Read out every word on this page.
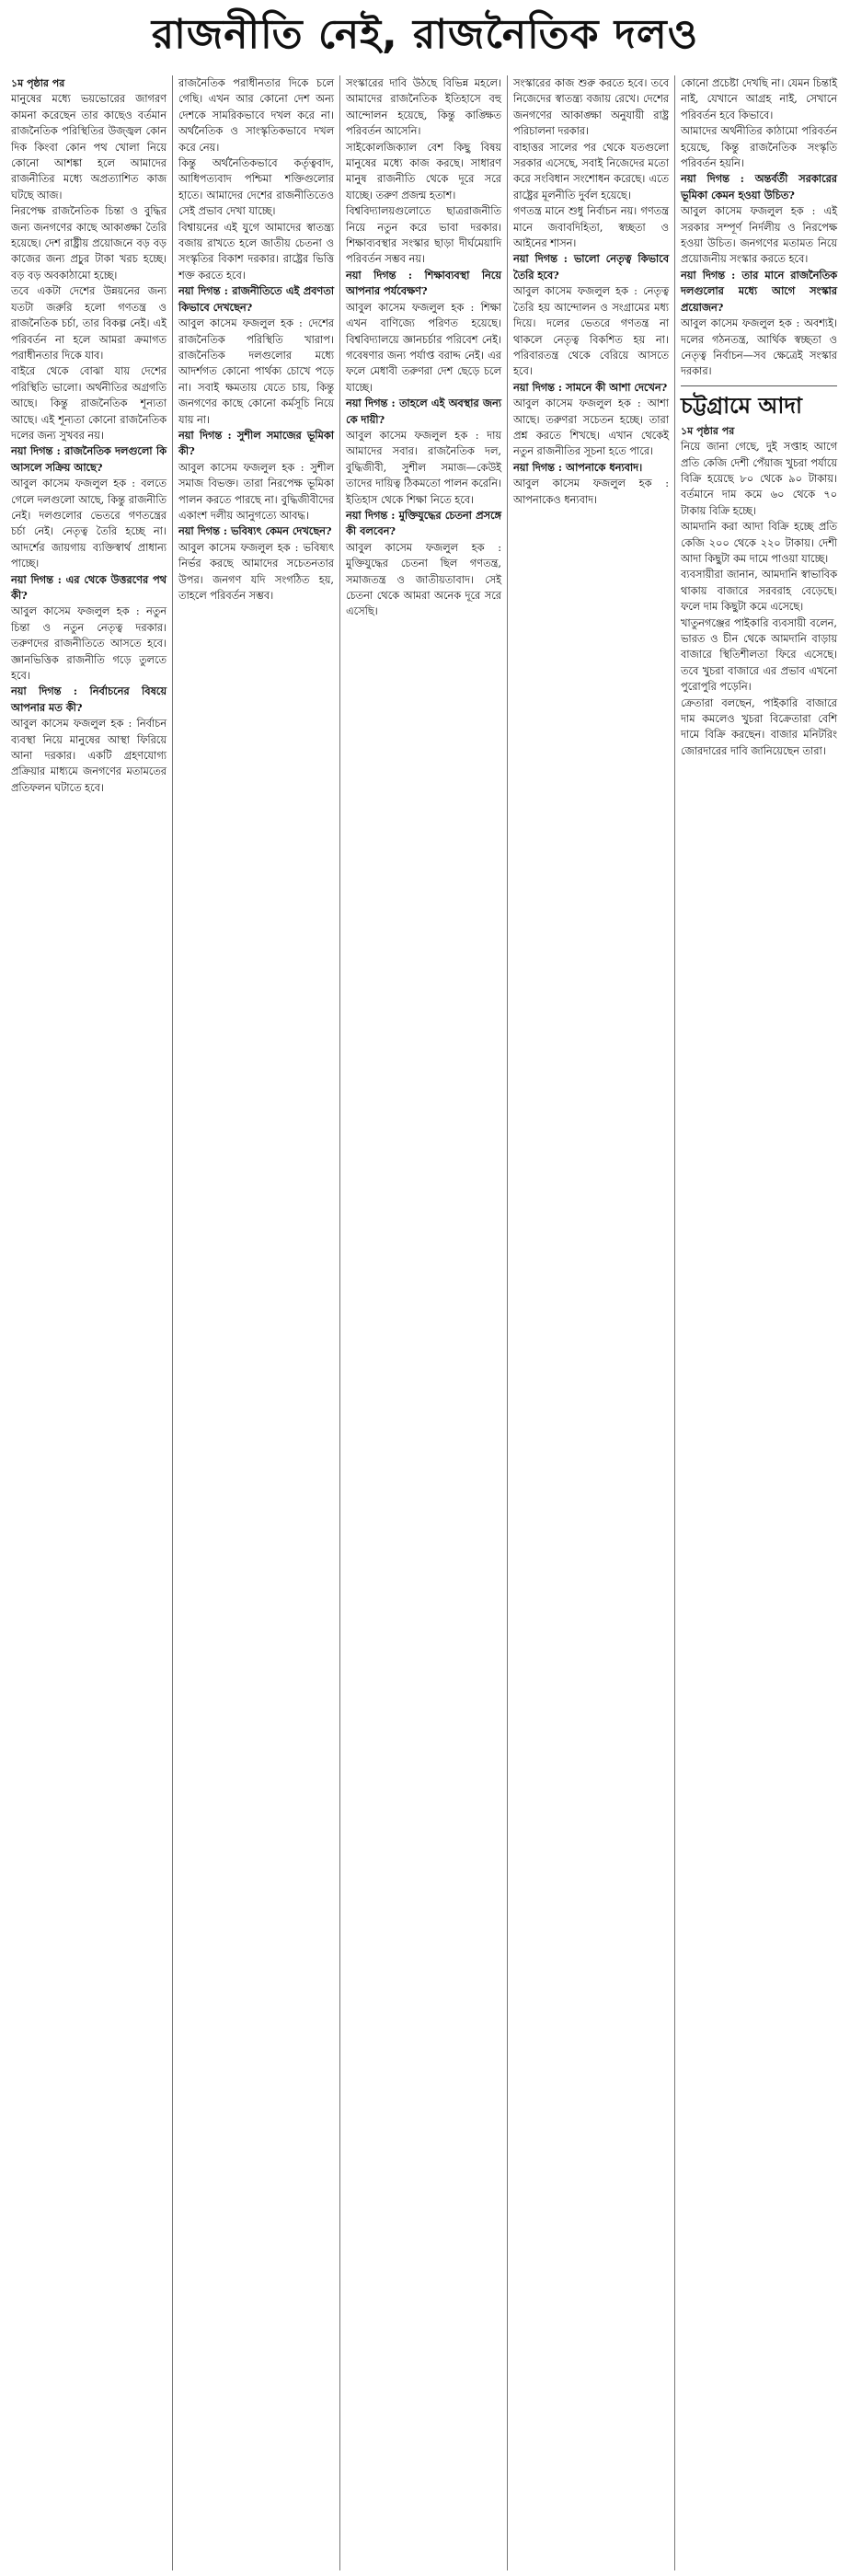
রাজনীতি নেই, রাজনৈতিক দলও

১ম পৃষ্ঠার পর

মানুষের মধ্যে ভয়ভোরের জাগরণ কামনা করেছেন তার কাছেও বর্তমান রাজনৈতিক পরিস্থিতির উজ্জ্বল কোন দিক কিংবা কোন পথ খোলা নিয়ে কোনো আশঙ্কা হলে আমাদের রাজনীতির মধ্যে অপ্রত্যাশিত কাজ ঘটছে আজ।

নিরপেক্ষ রাজনৈতিক চিন্তা ও বুদ্ধির জন্য জনগণের কাছে আকাঙ্ক্ষা তৈরি হয়েছে। দেশ রাষ্ট্রীয় প্রয়োজনে বড় বড় কাজের জন্য প্রচুর টাকা খরচ হচ্ছে। বড় বড় অবকাঠামো হচ্ছে।

তবে একটা দেশের উন্নয়নের জন্য যতটা জরুরি হলো গণতন্ত্র ও রাজনৈতিক চর্চা, তার বিকল্প নেই। এই পরিবর্তন না হলে আমরা ক্রমাগত পরাধীনতার দিকে যাব।

বাইরে থেকে বোঝা যায় দেশের পরিস্থিতি ভালো। অর্থনীতির অগ্রগতি আছে। কিন্তু রাজনৈতিক শূন্যতা আছে। এই শূন্যতা কোনো রাজনৈতিক দলের জন্য সুখবর নয়।

নয়া দিগন্ত : রাজনৈতিক দলগুলো কি আসলে সক্রিয় আছে?

আবুল কাসেম ফজলুল হক : বলতে গেলে দলগুলো আছে, কিন্তু রাজনীতি নেই। দলগুলোর ভেতরে গণতন্ত্রের চর্চা নেই। নেতৃত্ব তৈরি হচ্ছে না। আদর্শের জায়গায় ব্যক্তিস্বার্থ প্রাধান্য পাচ্ছে।

নয়া দিগন্ত : এর থেকে উত্তরণের পথ কী?

আবুল কাসেম ফজলুল হক : নতুন চিন্তা ও নতুন নেতৃত্ব দরকার। তরুণদের রাজনীতিতে আসতে হবে। জ্ঞানভিত্তিক রাজনীতি গড়ে তুলতে হবে।

নয়া দিগন্ত : নির্বাচনের বিষয়ে আপনার মত কী?

আবুল কাসেম ফজলুল হক : নির্বাচন ব্যবস্থা নিয়ে মানুষের আস্থা ফিরিয়ে আনা দরকার। একটি গ্রহণযোগ্য প্রক্রিয়ার মাধ্যমে জনগণের মতামতের প্রতিফলন ঘটাতে হবে।

রাজনৈতিক পরাধীনতার দিকে চলে গেছি। এখন আর কোনো দেশ অন্য দেশকে সামরিকভাবে দখল করে না। অর্থনৈতিক ও সাংস্কৃতিকভাবে দখল করে নেয়।

কিন্তু অর্থনৈতিকভাবে কর্তৃত্ববাদ, আধিপত্যবাদ পশ্চিমা শক্তিগুলোর হাতে। আমাদের দেশের রাজনীতিতেও সেই প্রভাব দেখা যাচ্ছে।

বিশ্বায়নের এই যুগে আমাদের স্বাতন্ত্র্য বজায় রাখতে হলে জাতীয় চেতনা ও সংস্কৃতির বিকাশ দরকার। রাষ্ট্রের ভিত্তি শক্ত করতে হবে।

নয়া দিগন্ত : রাজনীতিতে এই প্রবণতা কিভাবে দেখছেন?

আবুল কাসেম ফজলুল হক : দেশের রাজনৈতিক পরিস্থিতি খারাপ। রাজনৈতিক দলগুলোর মধ্যে আদর্শগত কোনো পার্থক্য চোখে পড়ে না। সবাই ক্ষমতায় যেতে চায়, কিন্তু জনগণের কাছে কোনো কর্মসূচি নিয়ে যায় না।

নয়া দিগন্ত : সুশীল সমাজের ভূমিকা কী?

আবুল কাসেম ফজলুল হক : সুশীল সমাজ বিভক্ত। তারা নিরপেক্ষ ভূমিকা পালন করতে পারছে না। বুদ্ধিজীবীদের একাংশ দলীয় আনুগত্যে আবদ্ধ।

নয়া দিগন্ত : ভবিষ্যৎ কেমন দেখছেন?

আবুল কাসেম ফজলুল হক : ভবিষ্যৎ নির্ভর করছে আমাদের সচেতনতার উপর। জনগণ যদি সংগঠিত হয়, তাহলে পরিবর্তন সম্ভব।

সংস্কারের দাবি উঠছে বিভিন্ন মহলে। আমাদের রাজনৈতিক ইতিহাসে বহু আন্দোলন হয়েছে, কিন্তু কাঙ্ক্ষিত পরিবর্তন আসেনি।

সাইকোলজিক্যাল বেশ কিছু বিষয় মানুষের মধ্যে কাজ করছে। সাধারণ মানুষ রাজনীতি থেকে দূরে সরে যাচ্ছে। তরুণ প্রজন্ম হতাশ।

বিশ্ববিদ্যালয়গুলোতে ছাত্ররাজনীতি নিয়ে নতুন করে ভাবা দরকার। শিক্ষাব্যবস্থার সংস্কার ছাড়া দীর্ঘমেয়াদি পরিবর্তন সম্ভব নয়।

নয়া দিগন্ত : শিক্ষাব্যবস্থা নিয়ে আপনার পর্যবেক্ষণ?

আবুল কাসেম ফজলুল হক : শিক্ষা এখন বাণিজ্যে পরিণত হয়েছে। বিশ্ববিদ্যালয়ে জ্ঞানচর্চার পরিবেশ নেই। গবেষণার জন্য পর্যাপ্ত বরাদ্দ নেই। এর ফলে মেধাবী তরুণরা দেশ ছেড়ে চলে যাচ্ছে।

নয়া দিগন্ত : তাহলে এই অবস্থার জন্য কে দায়ী?

আবুল কাসেম ফজলুল হক : দায় আমাদের সবার। রাজনৈতিক দল, বুদ্ধিজীবী, সুশীল সমাজ—কেউই তাদের দায়িত্ব ঠিকমতো পালন করেনি। ইতিহাস থেকে শিক্ষা নিতে হবে।

নয়া দিগন্ত : মুক্তিযুদ্ধের চেতনা প্রসঙ্গে কী বলবেন?

আবুল কাসেম ফজলুল হক : মুক্তিযুদ্ধের চেতনা ছিল গণতন্ত্র, সমাজতন্ত্র ও জাতীয়তাবাদ। সেই চেতনা থেকে আমরা অনেক দূরে সরে এসেছি।

সংস্কারের কাজ শুরু করতে হবে। তবে নিজেদের স্বাতন্ত্র্য বজায় রেখে। দেশের জনগণের আকাঙ্ক্ষা অনুযায়ী রাষ্ট্র পরিচালনা দরকার।

বাহাত্তর সালের পর থেকে যতগুলো সরকার এসেছে, সবাই নিজেদের মতো করে সংবিধান সংশোধন করেছে। এতে রাষ্ট্রের মূলনীতি দুর্বল হয়েছে।

গণতন্ত্র মানে শুধু নির্বাচন নয়। গণতন্ত্র মানে জবাবদিহিতা, স্বচ্ছতা ও আইনের শাসন।

নয়া দিগন্ত : ভালো নেতৃত্ব কিভাবে তৈরি হবে?

আবুল কাসেম ফজলুল হক : নেতৃত্ব তৈরি হয় আন্দোলন ও সংগ্রামের মধ্য দিয়ে। দলের ভেতরে গণতন্ত্র না থাকলে নেতৃত্ব বিকশিত হয় না। পরিবারতন্ত্র থেকে বেরিয়ে আসতে হবে।

নয়া দিগন্ত : সামনে কী আশা দেখেন?

আবুল কাসেম ফজলুল হক : আশা আছে। তরুণরা সচেতন হচ্ছে। তারা প্রশ্ন করতে শিখছে। এখান থেকেই নতুন রাজনীতির সূচনা হতে পারে।

নয়া দিগন্ত : আপনাকে ধন্যবাদ।

আবুল কাসেম ফজলুল হক : আপনাকেও ধন্যবাদ।

কোনো প্রচেষ্টা দেখছি না। যেমন চিন্তাই নাই, যেখানে আগ্রহ নাই, সেখানে পরিবর্তন হবে কিভাবে।

আমাদের অর্থনীতির কাঠামো পরিবর্তন হয়েছে, কিন্তু রাজনৈতিক সংস্কৃতি পরিবর্তন হয়নি।

নয়া দিগন্ত : অন্তর্বর্তী সরকারের ভূমিকা কেমন হওয়া উচিত?

আবুল কাসেম ফজলুল হক : এই সরকার সম্পূর্ণ নির্দলীয় ও নিরপেক্ষ হওয়া উচিত। জনগণের মতামত নিয়ে প্রয়োজনীয় সংস্কার করতে হবে।

নয়া দিগন্ত : তার মানে রাজনৈতিক দলগুলোর মধ্যে আগে সংস্কার প্রয়োজন?

আবুল কাসেম ফজলুল হক : অবশ্যই। দলের গঠনতন্ত্র, আর্থিক স্বচ্ছতা ও নেতৃত্ব নির্বাচন—সব ক্ষেত্রেই সংস্কার দরকার।

চট্টগ্রামে আদা

১ম পৃষ্ঠার পর

নিয়ে জানা গেছে, দুই সপ্তাহ আগে প্রতি কেজি দেশী পেঁয়াজ খুচরা পর্যায়ে বিক্রি হয়েছে ৮০ থেকে ৯০ টাকায়। বর্তমানে দাম কমে ৬০ থেকে ৭০ টাকায় বিক্রি হচ্ছে।

আমদানি করা আদা বিক্রি হচ্ছে প্রতি কেজি ২০০ থেকে ২২০ টাকায়। দেশী আদা কিছুটা কম দামে পাওয়া যাচ্ছে।

ব্যবসায়ীরা জানান, আমদানি স্বাভাবিক থাকায় বাজারে সরবরাহ বেড়েছে। ফলে দাম কিছুটা কমে এসেছে।

খাতুনগঞ্জের পাইকারি ব্যবসায়ী বলেন, ভারত ও চীন থেকে আমদানি বাড়ায় বাজারে স্থিতিশীলতা ফিরে এসেছে। তবে খুচরা বাজারে এর প্রভাব এখনো পুরোপুরি পড়েনি।

ক্রেতারা বলছেন, পাইকারি বাজারে দাম কমলেও খুচরা বিক্রেতারা বেশি দামে বিক্রি করছেন। বাজার মনিটরিং জোরদারের দাবি জানিয়েছেন তারা।
